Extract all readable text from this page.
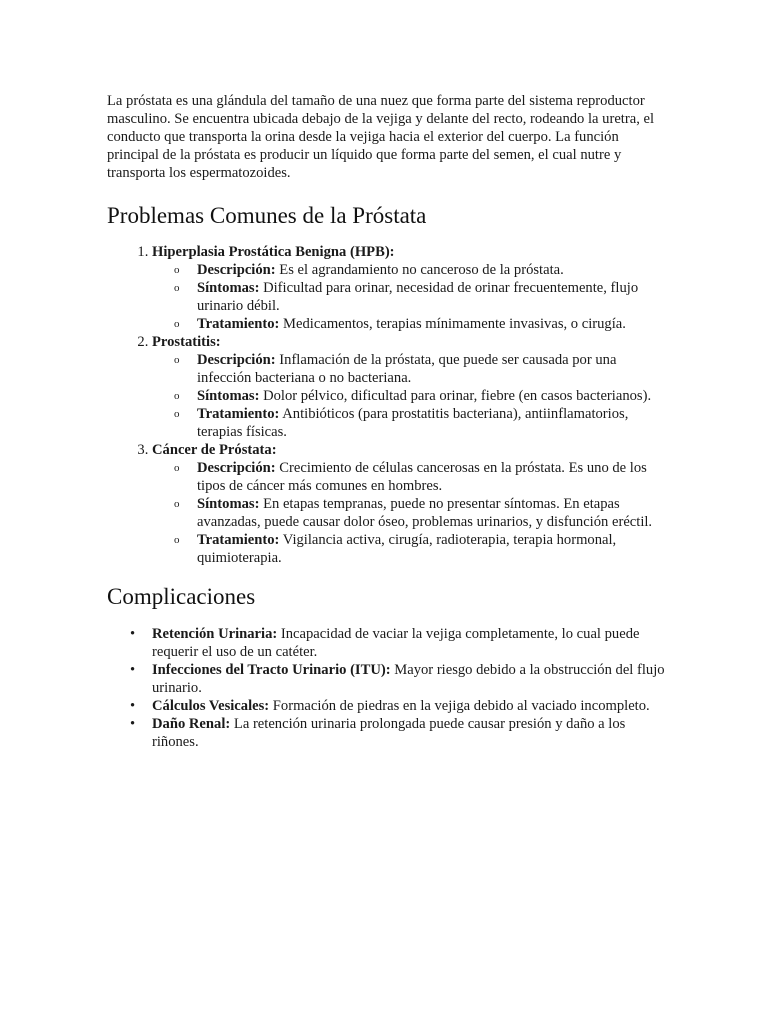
La próstata es una glándula del tamaño de una nuez que forma parte del sistema reproductor masculino. Se encuentra ubicada debajo de la vejiga y delante del recto, rodeando la uretra, el conducto que transporta la orina desde la vejiga hacia el exterior del cuerpo. La función principal de la próstata es producir un líquido que forma parte del semen, el cual nutre y transporta los espermatozoides.

Problemas Comunes de la Próstata
1. Hiperplasia Prostática Benigna (HPB):
o Descripción: Es el agrandamiento no canceroso de la próstata.
o Síntomas: Dificultad para orinar, necesidad de orinar frecuentemente, flujo urinario débil.
o Tratamiento: Medicamentos, terapias mínimamente invasivas, o cirugía.
2. Prostatitis:
o Descripción: Inflamación de la próstata, que puede ser causada por una infección bacteriana o no bacteriana.
o Síntomas: Dolor pélvico, dificultad para orinar, fiebre (en casos bacterianos).
o Tratamiento: Antibióticos (para prostatitis bacteriana), antiinflamatorios, terapias físicas.
3. Cáncer de Próstata:
o Descripción: Crecimiento de células cancerosas en la próstata. Es uno de los tipos de cáncer más comunes en hombres.
o Síntomas: En etapas tempranas, puede no presentar síntomas. En etapas avanzadas, puede causar dolor óseo, problemas urinarios, y disfunción eréctil.
o Tratamiento: Vigilancia activa, cirugía, radioterapia, terapia hormonal, quimioterapia.
Complicaciones
• Retención Urinaria: Incapacidad de vaciar la vejiga completamente, lo cual puede requerir el uso de un catéter.
• Infecciones del Tracto Urinario (ITU): Mayor riesgo debido a la obstrucción del flujo urinario.
• Cálculos Vesicales: Formación de piedras en la vejiga debido al vaciado incompleto.
• Daño Renal: La retención urinaria prolongada puede causar presión y daño a los riñones.
